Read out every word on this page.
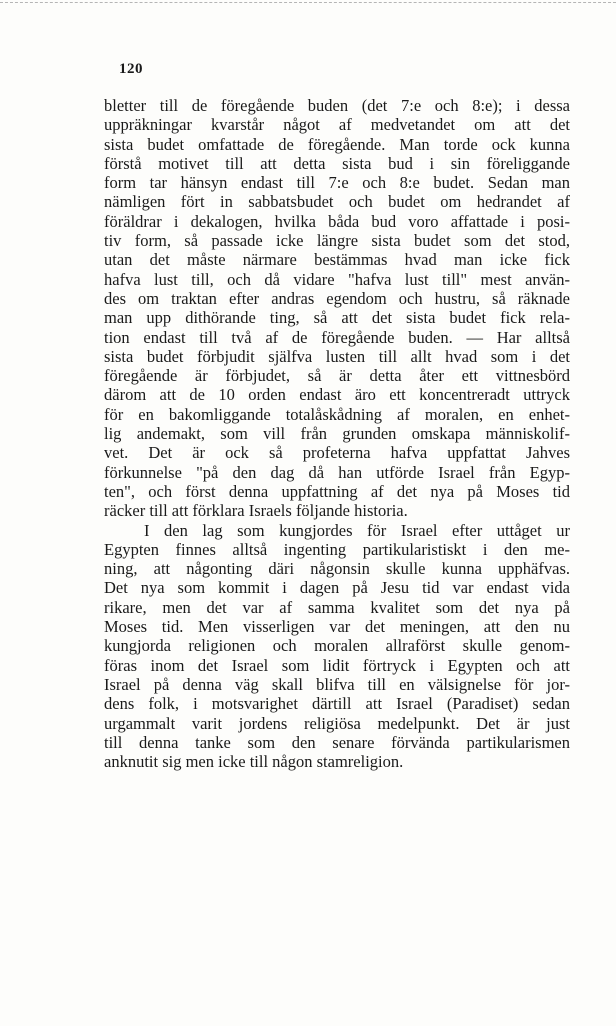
120
bletter till de föregående buden (det 7:e och 8:e); i dessa
uppräkningar kvarstår något af medvetandet om att det
sista budet omfattade de föregående. Man torde ock kunna
förstå motivet till att detta sista bud i sin föreliggande
form tar hänsyn endast till 7:e och 8:e budet. Sedan man
nämligen fört in sabbatsbudet och budet om hedrandet af
föräldrar i dekalogen, hvilka båda bud voro affattade i posi-
tiv form, så passade icke längre sista budet som det stod,
utan det måste närmare bestämmas hvad man icke fick
hafva lust till, och då vidare "hafva lust till" mest använ-
des om traktan efter andras egendom och hustru, så räknade
man upp dithörande ting, så att det sista budet fick rela-
tion endast till två af de föregående buden. — Har alltså
sista budet förbjudit själfva lusten till allt hvad som i det
föregående är förbjudet, så är detta åter ett vittnesbörd
därom att de 10 orden endast äro ett koncentreradt uttryck
för en bakomliggande totalåskådning af moralen, en enhet-
lig andemakt, som vill från grunden omskapa människolif-
vet. Det är ock så profeterna hafva uppfattat Jahves
förkunnelse "på den dag då han utförde Israel från Egyp-
ten", och först denna uppfattning af det nya på Moses tid
räcker till att förklara Israels följande historia.
I den lag som kungjordes för Israel efter uttåget ur
Egypten finnes alltså ingenting partikularistiskt i den me-
ning, att någonting däri någonsin skulle kunna upphäfvas.
Det nya som kommit i dagen på Jesu tid var endast vida
rikare, men det var af samma kvalitet som det nya på
Moses tid. Men visserligen var det meningen, att den nu
kungjorda religionen och moralen allraförst skulle genom-
föras inom det Israel som lidit förtryck i Egypten och att
Israel på denna väg skall blifva till en välsignelse för jor-
dens folk, i motsvarighet därtill att Israel (Paradiset) sedan
urgammalt varit jordens religiösa medelpunkt. Det är just
till denna tanke som den senare förvända partikularismen
anknutit sig men icke till någon stamreligion.
